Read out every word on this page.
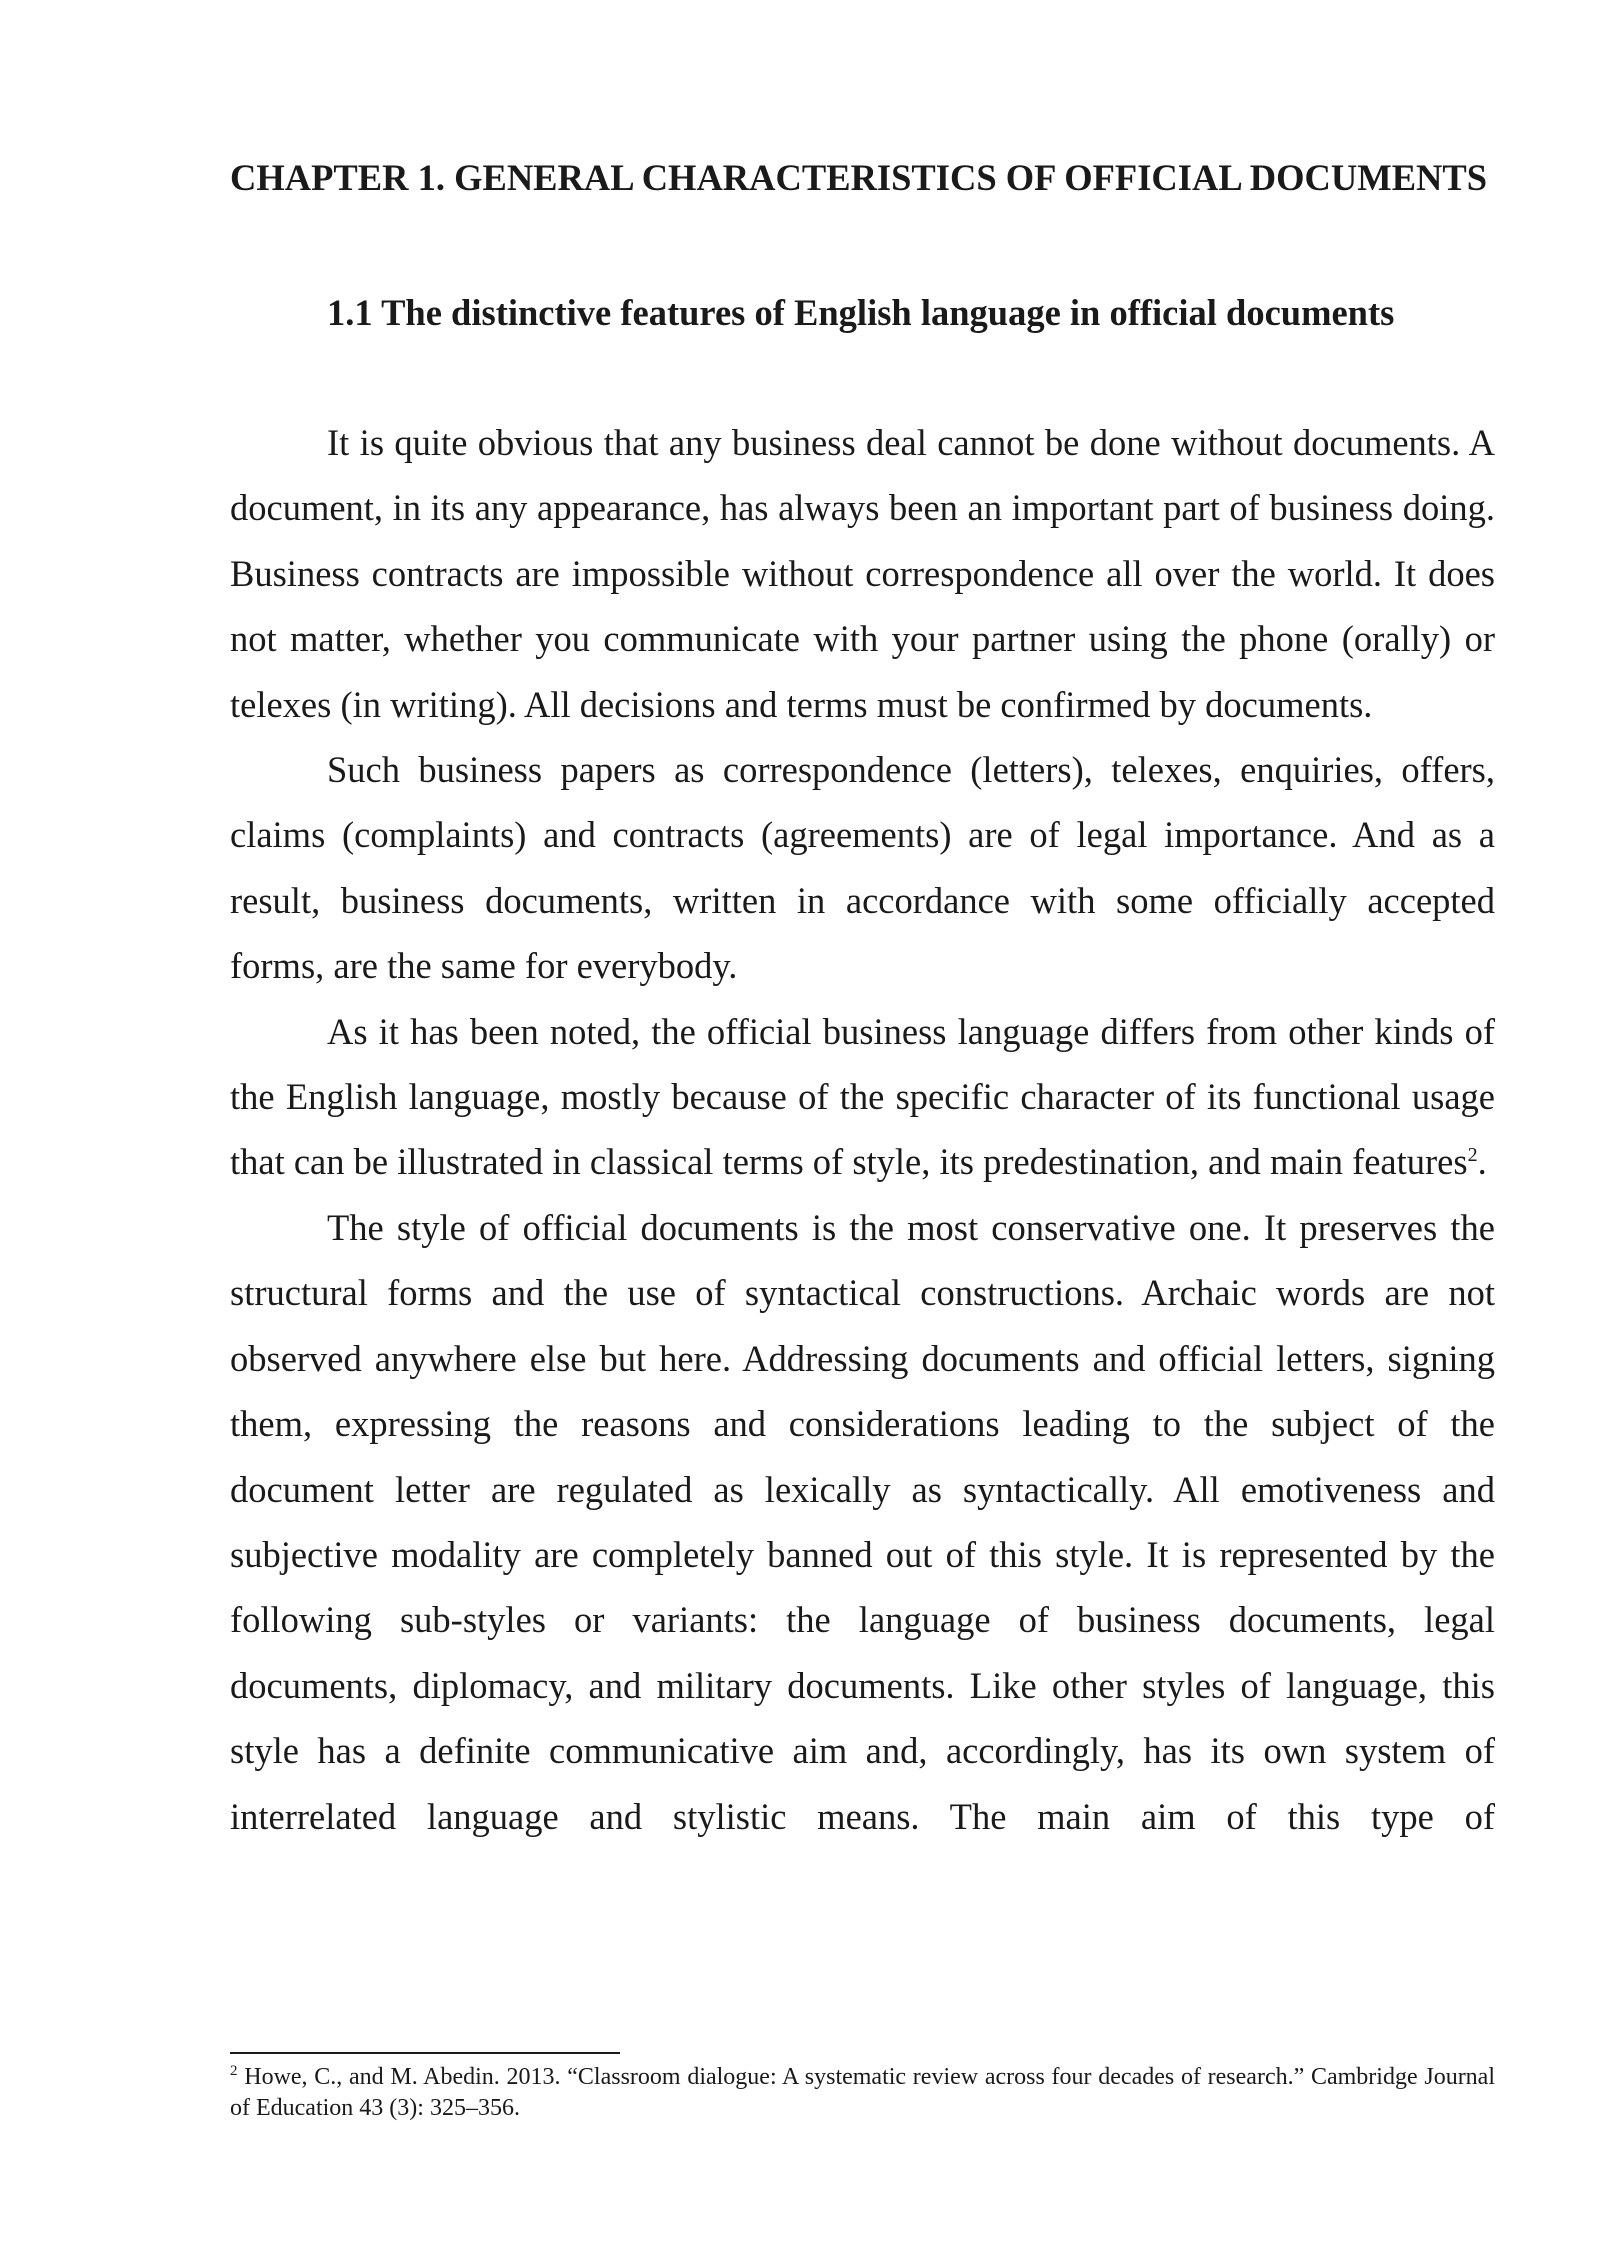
CHAPTER 1. GENERAL CHARACTERISTICS OF OFFICIAL DOCUMENTS
1.1 The distinctive features of English language in official documents

It is quite obvious that any business deal cannot be done without documents. A document, in its any appearance, has always been an important part of business doing. Business contracts are impossible without correspondence all over the world. It does not matter, whether you communicate with your partner using the phone (orally) or telexes (in writing). All decisions and terms must be confirmed by documents.

Such business papers as correspondence (letters), telexes, enquiries, offers, claims (complaints) and contracts (agreements) are of legal importance. And as a result, business documents, written in accordance with some officially accepted forms, are the same for everybody.

As it has been noted, the official business language differs from other kinds of the English language, mostly because of the specific character of its functional usage that can be illustrated in classical terms of style, its predestination, and main features$^2$.

The style of official documents is the most conservative one. It preserves the structural forms and the use of syntactical constructions. Archaic words are not observed anywhere else but here. Addressing documents and official letters, signing them, expressing the reasons and considerations leading to the subject of the document letter are regulated as lexically as syntactically. All emotiveness and subjective modality are completely banned out of this style. It is represented by the following sub-styles or variants: the language of business documents, legal documents, diplomacy, and military documents. Like other styles of language, this style has a definite communicative aim and, accordingly, has its own system of interrelated language and stylistic means. The main aim of this type of

$^2$ Howe, C., and M. Abedin. 2013. “Classroom dialogue: A systematic review across four decades of research.” Cambridge Journal of Education 43 (3): 325–356.
